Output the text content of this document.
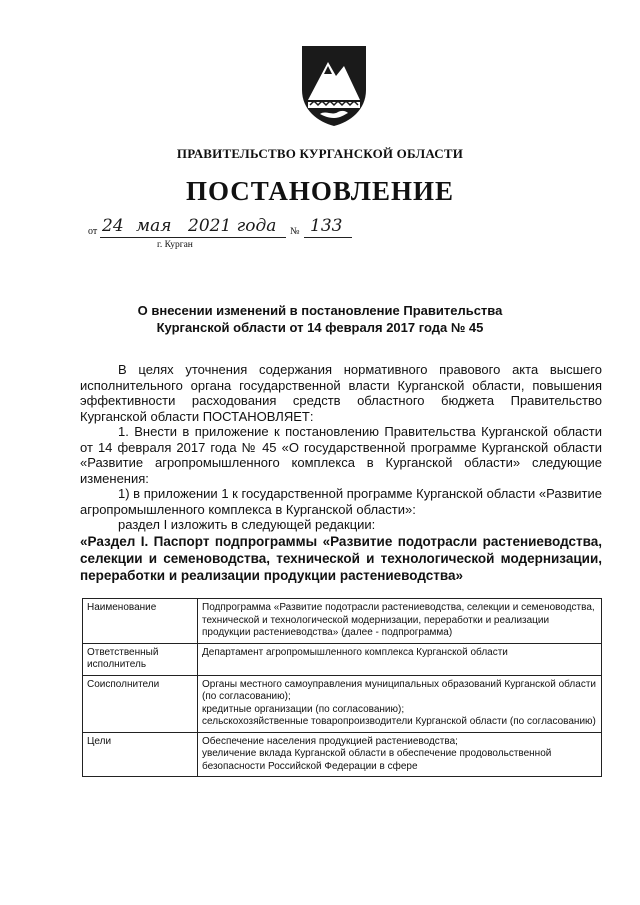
ПРАВИТЕЛЬСТВО КУРГАНСКОЙ ОБЛАСТИ
ПОСТАНОВЛЕНИЕ
от 24 мая 2021 года № 133
г. Курган
О внесении изменений в постановление Правительства
Курганской области от 14 февраля 2017 года № 45

В целях уточнения содержания нормативного правового акта высшего исполнительного органа государственной власти Курганской области, повышения эффективности расходования средств областного бюджета Правительство Курганской области ПОСТАНОВЛЯЕТ:

1. Внести в приложение к постановлению Правительства Курганской области от 14 февраля 2017 года № 45 «О государственной программе Курганской области «Развитие агропромышленного комплекса в Курганской области» следующие изменения:

1) в приложении 1 к государственной программе Курганской области «Развитие агропромышленного комплекса в Курганской области»:

раздел I изложить в следующей редакции:

«Раздел I. Паспорт подпрограммы «Развитие подотрасли растениеводства, селекции и семеноводства, технической и технологической модернизации, переработки и реализации продукции растениеводства»

Наименование	Подпрограмма «Развитие подотрасли растениеводства, селекции и семеноводства, технической и технологической модернизации, переработки и реализации продукции растениеводства» (далее - подпрограмма)
Ответственный исполнитель	Департамент агропромышленного комплекса Курганской области
Соисполнители	Органы местного самоуправления муниципальных образований Курганской области (по согласованию);
кредитные организации (по согласованию);
сельскохозяйственные товаропроизводители Курганской области (по согласованию)

Цели	Обеспечение населения продукцией растениеводства;
увеличение вклада Курганской области в обеспечение продовольственной безопасности Российской Федерации в сфере
